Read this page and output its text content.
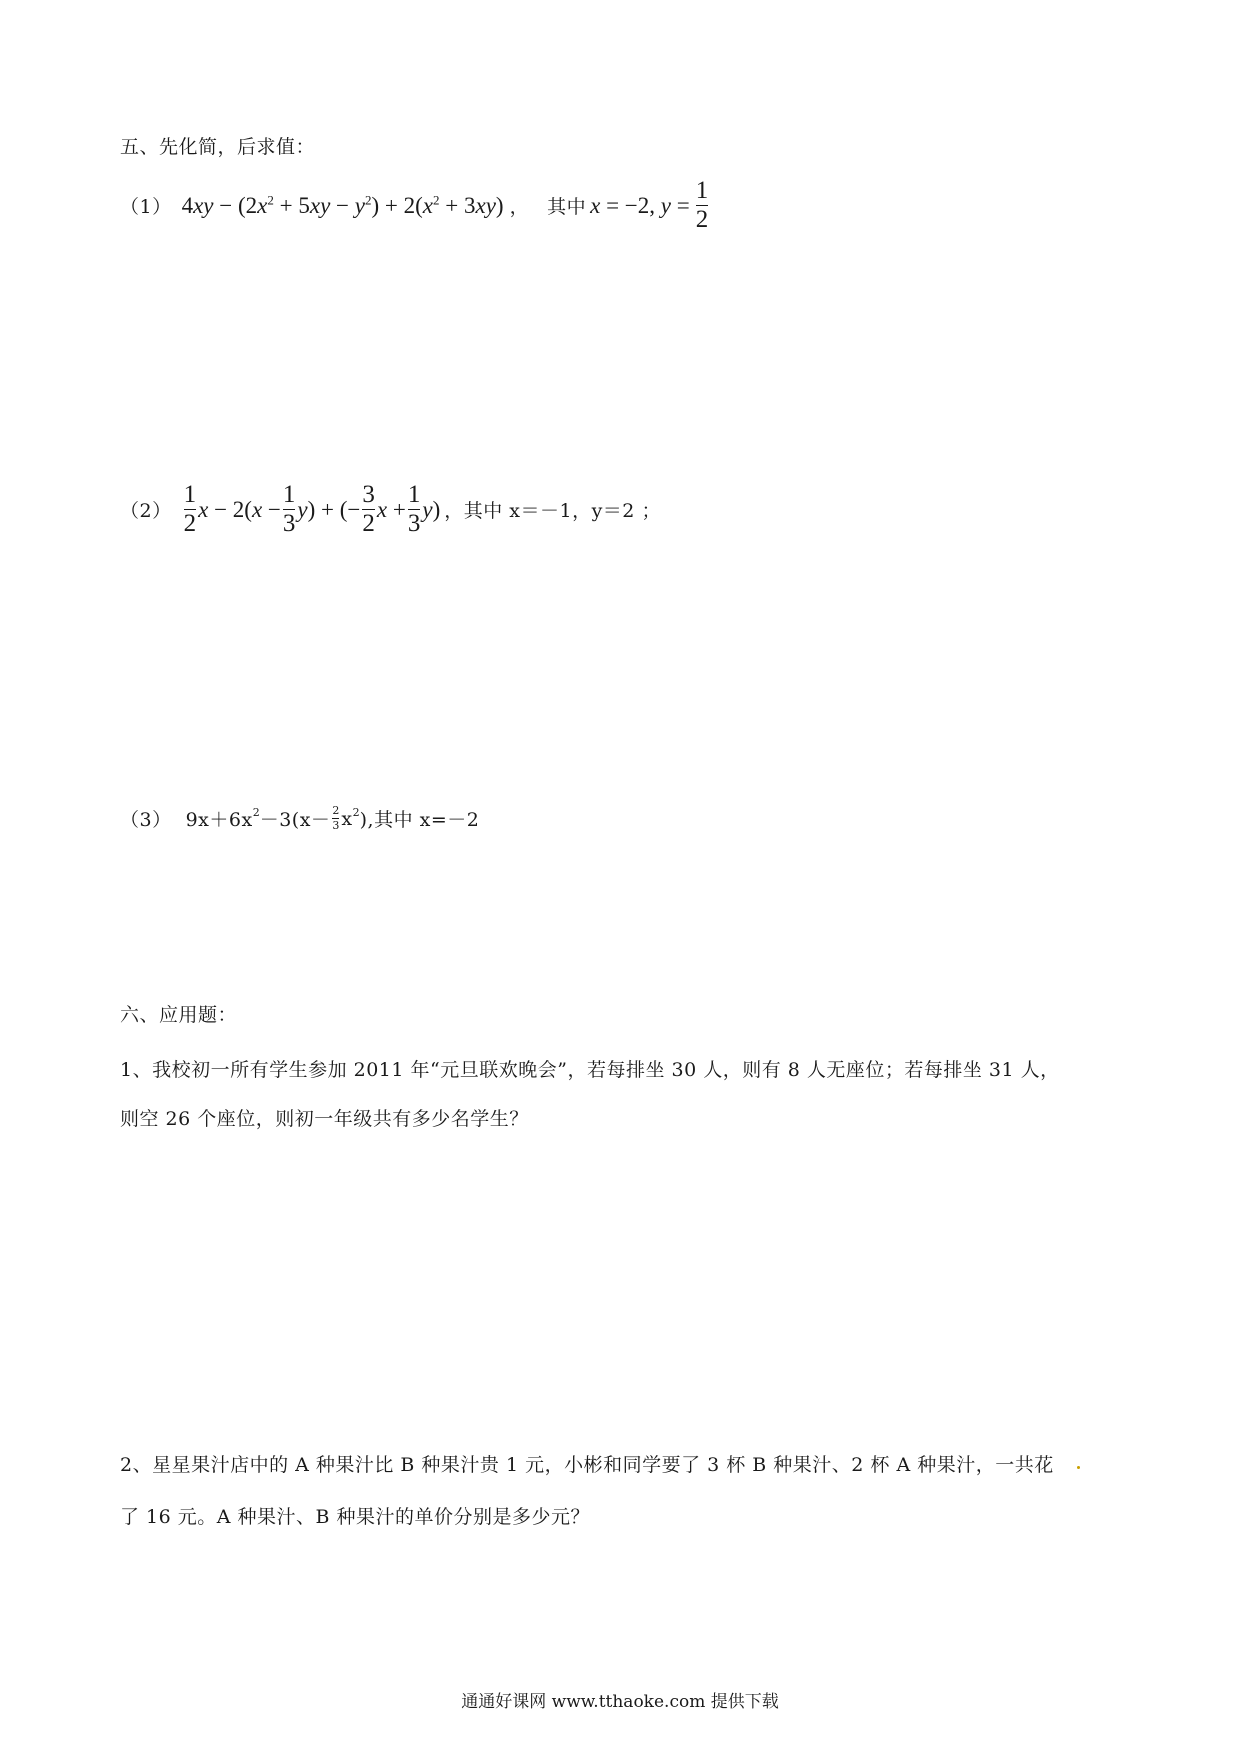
五、先化简，后求值：
（1） $4xy - (2x^2 + 5xy - y^2) + 2(x^2 + 3xy)$ ， 其中 x = −2, $y = \frac{1}{2}$
$(2) \frac{1}{2}$ $x - 2(x - \frac{1}{3} y)$ + (− $\frac{3}{2}$ $x + \frac{1}{3} y$) ，其中 x＝－1，y＝2 ；
（3） 9x＋6x $2 -3(x- \frac{2}{3}$ x 2 ),其中 x=－2
六、应用题：
1、我校初一所有学生参加 2011 年“元旦联欢晚会”，若每排坐 30 人，则有 8 人无座位；若每排坐 31 人，
则空 26 个座位，则初一年级共有多少名学生？
2、星星果汁店中的 A 种果汁比 B 种果汁贵 1 元，小彬和同学要了 3 杯 B 种果汁、2 杯 A 种果汁，一共花
了 16 元。A 种果汁、B 种果汁的单价分别是多少元？
通通好课网 www.tthaoke.com 提供下载
